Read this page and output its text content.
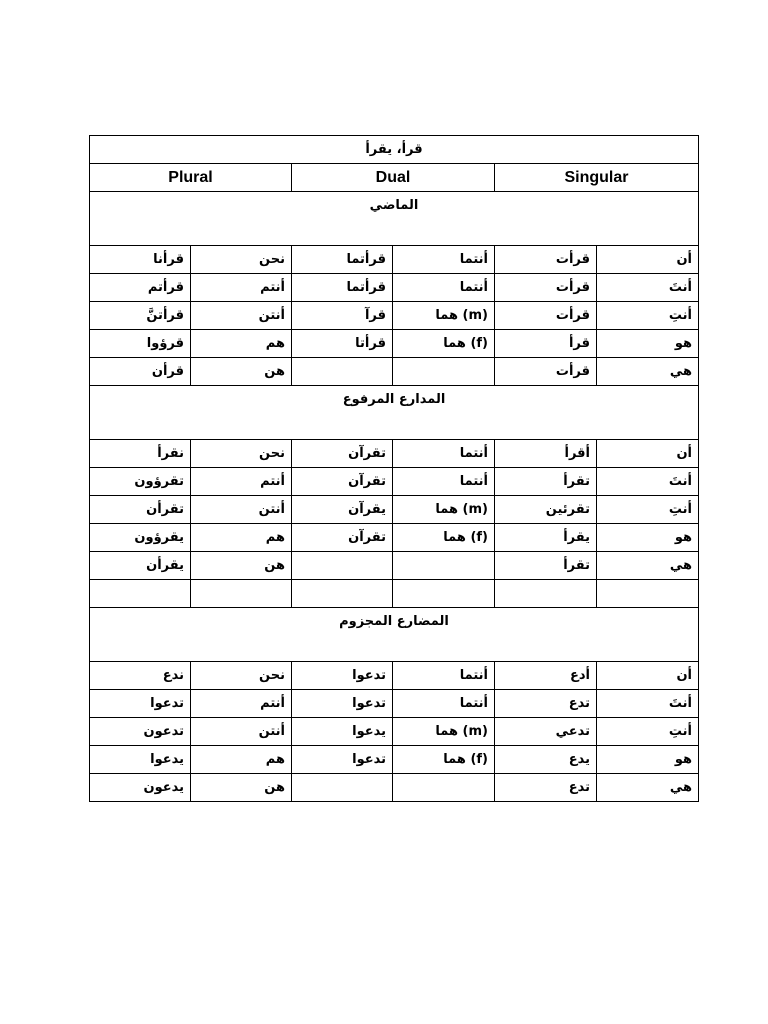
قرأ، يقرأ					
Plural		Dual		Singular	
الماضي					
قرأنا	نحن	قرأتما	أنتما	قرأت	أن
قرأتم	أنتم	قرأتما	أنتما	قرأت	أنتَ
قرأتنَّ	أنتن	قرآ	هما (m)	قرأت	أنتِ
قرؤوا	هم	قرأتا	هما (f)	قرأ	هو
قرأن	هن			قرأت	هي
المدارع المرفوع					
نقرأ	نحن	تقرآن	أنتما	أقرأ	أن
تقرؤون	أنتم	تقرآن	أنتما	تقرأ	أنتَ
تقرأن	أنتن	يقرآن	هما (m)	تقرئين	أنتِ
يقرؤون	هم	تقرآن	هما (f)	يقرأ	هو
يقرأن	هن			تقرأ	هي

المضارع المجزوم					
ندع	نحن	تدعوا	أنتما	أدع	أن
تدعوا	أنتم	تدعوا	أنتما	تدع	أنتَ
تدعون	أنتن	يدعوا	هما (m)	تدعي	أنتِ
يدعوا	هم	تدعوا	هما (f)	يدع	هو
يدعون	هن			تدع	هي
